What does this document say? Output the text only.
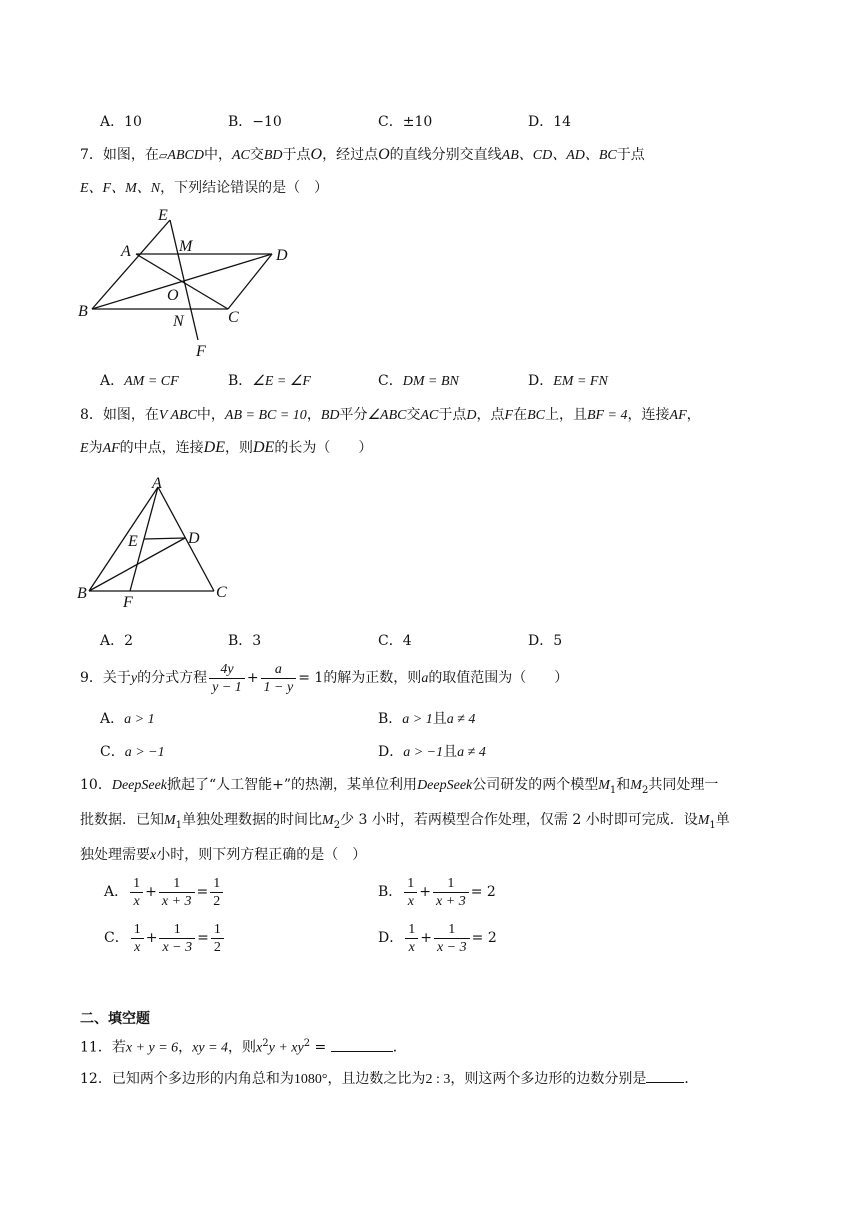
A．10	B．−10	C．±10	D．14
7．如图，在▱ABCD中，AC交BD于点O，经过点O的直线分别交直线AB、CD、AD、BC于点
E、F、M、N，下列结论错误的是（　）
E
A	M
D
O
B
N	C
F
A．AM = CF	B．∠E = ∠F	C．DM = BN	D．EM = FN
8．如图，在V ABC中，AB = BC = 10，BD平分∠ABC交AC于点D，点F在BC上，且BF = 4，连接AF，
E为AF的中点，连接DE，则DE的长为（　　）
A
E	D
B
F
C
A．2	B．3	C．4	D．5
9．关于y的分式方程 $\frac{4y}{y - 1} + \frac{a}{1 - y} = 1$的解为正数，则a的取值范围为（　　）
A．a > 1	B．a > 1且a ≠ 4
C．a > −1	D．a > −1且a ≠ 4
10．DeepSeek掀起了“人工智能+”的热潮，某单位利用DeepSeek公司研发的两个模型$M_1$和$M_2$共同处理一
批数据．已知$M_1$单独处理数据的时间比$M_2$少 3 小时，若两模型合作处理，仅需 2 小时即可完成．设$M_1$单
独处理需要x小时，则下列方程正确的是（　）
A． $\frac{1}{x} + \frac{1}{x + 3} = \frac{1}{2}$	B． $\frac{1}{x} + \frac{1}{x + 3} = 2$
C． $\frac{1}{x} + \frac{1}{x - 3} = \frac{1}{2}$	D． $\frac{1}{x} + \frac{1}{x - 3} = 2$
二、填空题
11．若x + y = 6，xy = 4，则$x^2y + xy^2$ =	．
12．已知两个多边形的内角总和为1080°，且边数之比为2 : 3，则这两个多边形的边数分别是	．
